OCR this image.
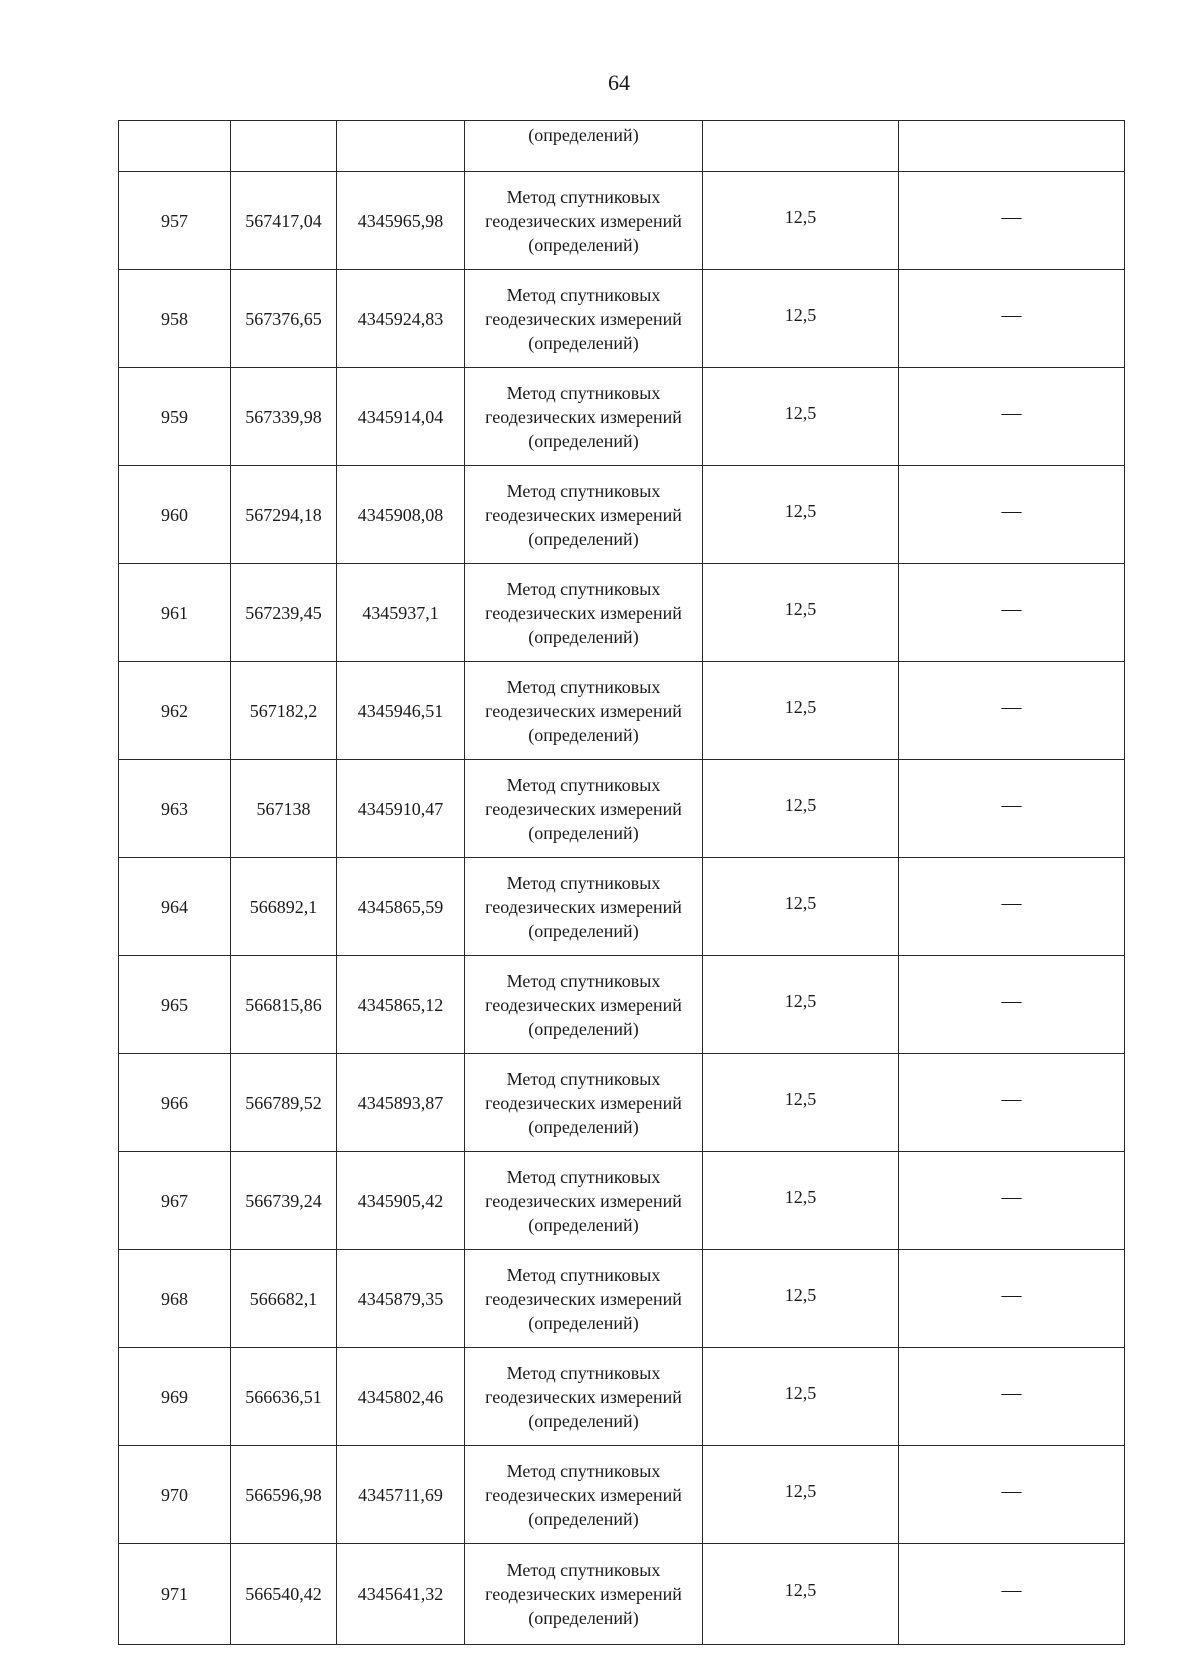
64
			(определений)		
957	567417,04	4345965,98	Метод спутниковых
геодезических измерений
(определений)	12,5	—
958	567376,65	4345924,83	Метод спутниковых
геодезических измерений
(определений)	12,5	—
959	567339,98	4345914,04	Метод спутниковых
геодезических измерений
(определений)	12,5	—
960	567294,18	4345908,08	Метод спутниковых
геодезических измерений
(определений)	12,5	—
961	567239,45	4345937,1	Метод спутниковых
геодезических измерений
(определений)	12,5	—
962	567182,2	4345946,51	Метод спутниковых
геодезических измерений
(определений)	12,5	—
963	567138	4345910,47	Метод спутниковых
геодезических измерений
(определений)	12,5	—
964	566892,1	4345865,59	Метод спутниковых
геодезических измерений
(определений)	12,5	—
965	566815,86	4345865,12	Метод спутниковых
геодезических измерений
(определений)	12,5	—
966	566789,52	4345893,87	Метод спутниковых
геодезических измерений
(определений)	12,5	—
967	566739,24	4345905,42	Метод спутниковых
геодезических измерений
(определений)	12,5	—
968	566682,1	4345879,35	Метод спутниковых
геодезических измерений
(определений)	12,5	—
969	566636,51	4345802,46	Метод спутниковых
геодезических измерений
(определений)	12,5	—
970	566596,98	4345711,69	Метод спутниковых
геодезических измерений
(определений)	12,5	—
971	566540,42	4345641,32	Метод спутниковых
геодезических измерений
(определений)	12,5	—
